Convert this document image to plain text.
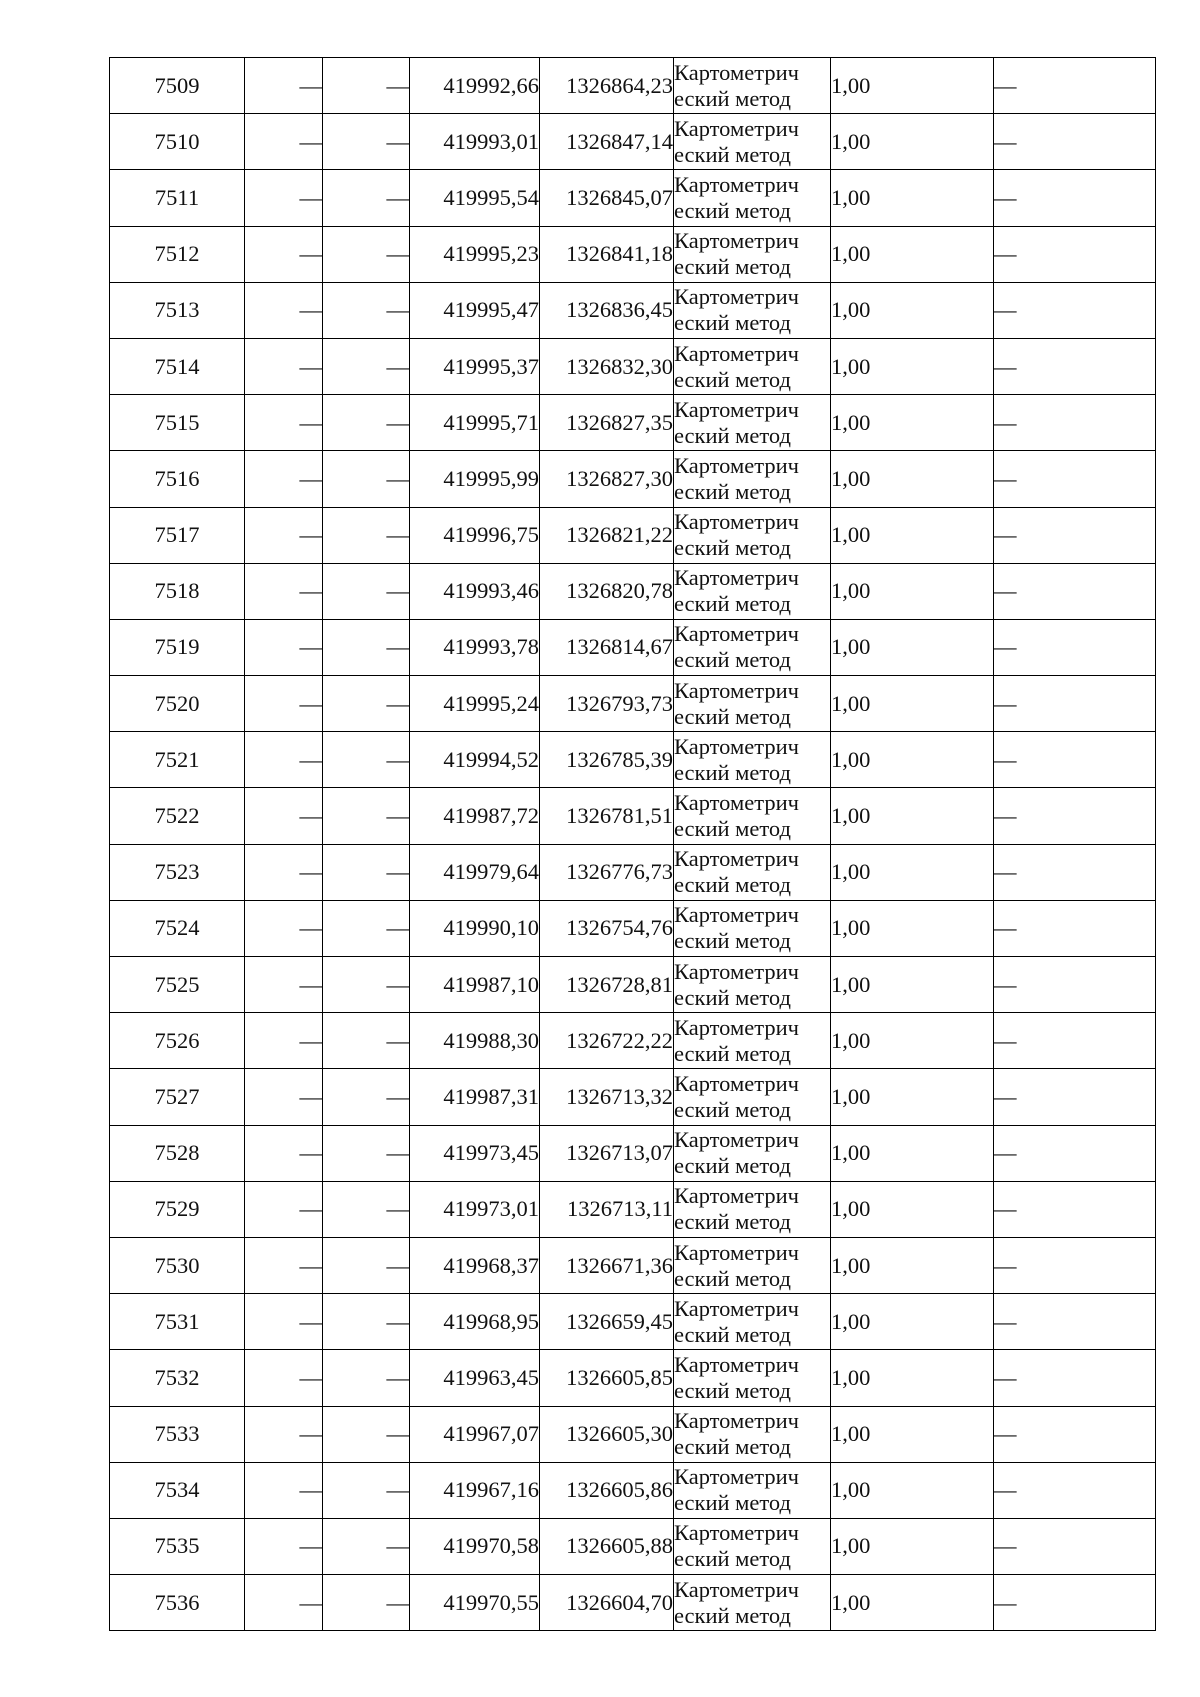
7509	—	—	419992,66	1326864,23	Картометрич
еский метод	1,00	—
7510	—	—	419993,01	1326847,14	Картометрич
еский метод	1,00	—
7511	—	—	419995,54	1326845,07	Картометрич
еский метод	1,00	—
7512	—	—	419995,23	1326841,18	Картометрич
еский метод	1,00	—
7513	—	—	419995,47	1326836,45	Картометрич
еский метод	1,00	—
7514	—	—	419995,37	1326832,30	Картометрич
еский метод	1,00	—
7515	—	—	419995,71	1326827,35	Картометрич
еский метод	1,00	—
7516	—	—	419995,99	1326827,30	Картометрич
еский метод	1,00	—
7517	—	—	419996,75	1326821,22	Картометрич
еский метод	1,00	—
7518	—	—	419993,46	1326820,78	Картометрич
еский метод	1,00	—
7519	—	—	419993,78	1326814,67	Картометрич
еский метод	1,00	—
7520	—	—	419995,24	1326793,73	Картометрич
еский метод	1,00	—
7521	—	—	419994,52	1326785,39	Картометрич
еский метод	1,00	—
7522	—	—	419987,72	1326781,51	Картометрич
еский метод	1,00	—
7523	—	—	419979,64	1326776,73	Картометрич
еский метод	1,00	—
7524	—	—	419990,10	1326754,76	Картометрич
еский метод	1,00	—
7525	—	—	419987,10	1326728,81	Картометрич
еский метод	1,00	—
7526	—	—	419988,30	1326722,22	Картометрич
еский метод	1,00	—
7527	—	—	419987,31	1326713,32	Картометрич
еский метод	1,00	—
7528	—	—	419973,45	1326713,07	Картометрич
еский метод	1,00	—
7529	—	—	419973,01	1326713,11	Картометрич
еский метод	1,00	—
7530	—	—	419968,37	1326671,36	Картометрич
еский метод	1,00	—
7531	—	—	419968,95	1326659,45	Картометрич
еский метод	1,00	—
7532	—	—	419963,45	1326605,85	Картометрич
еский метод	1,00	—
7533	—	—	419967,07	1326605,30	Картометрич
еский метод	1,00	—
7534	—	—	419967,16	1326605,86	Картометрич
еский метод	1,00	—
7535	—	—	419970,58	1326605,88	Картометрич
еский метод	1,00	—
7536	—	—	419970,55	1326604,70	Картометрич
еский метод	1,00	—
